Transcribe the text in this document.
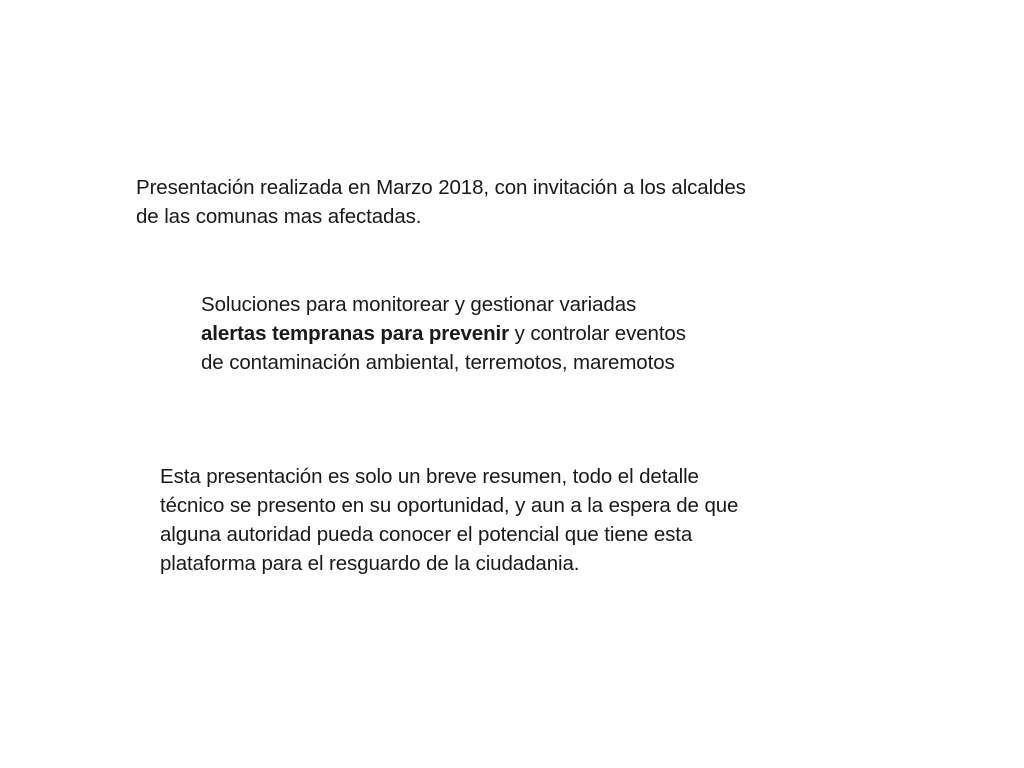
Presentación realizada en Marzo 2018, con invitación a los alcaldes
de las comunas mas afectadas.
Soluciones para monitorear y gestionar variadas
alertas tempranas para prevenir y controlar eventos
de contaminación ambiental, terremotos, maremotos
Esta presentación es solo un breve resumen, todo el detalle
técnico se presento en su oportunidad, y aun a la espera de que
alguna autoridad pueda conocer el potencial que tiene esta
plataforma para el resguardo de la ciudadania.
